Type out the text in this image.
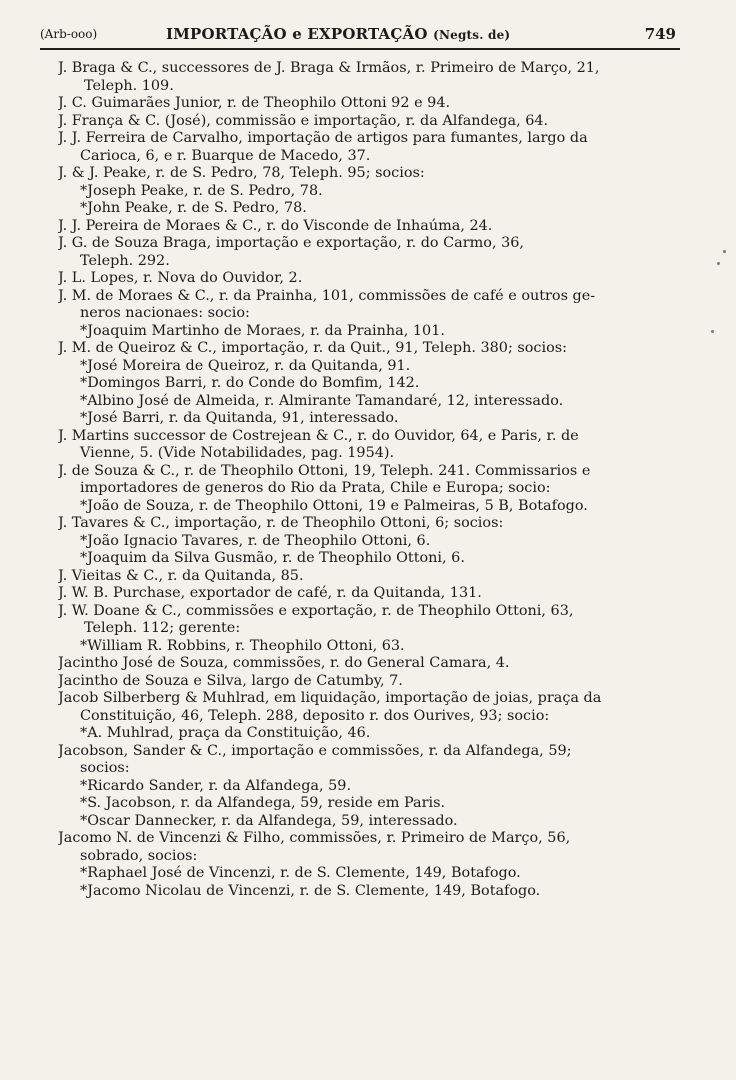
(Arb-ooo)	IMPORTAÇÃO e EXPORTAÇÃO (Negts. de)	749
J. Braga & C., successores de J. Braga & Irmãos, r. Primeiro de Março, 21,
Teleph. 109.
J. C. Guimarães Junior, r. de Theophilo Ottoni 92 e 94.
J. França & C. (José), commissão e importação, r. da Alfandega, 64.
J. J. Ferreira de Carvalho, importação de artigos para fumantes, largo da
Carioca, 6, e r. Buarque de Macedo, 37.
J. & J. Peake, r. de S. Pedro, 78, Teleph. 95; socios:
*Joseph Peake, r. de S. Pedro, 78.
*John Peake, r. de S. Pedro, 78.
J. J. Pereira de Moraes & C., r. do Visconde de Inhaúma, 24.
J. G. de Souza Braga, importação e exportação, r. do Carmo, 36,
Teleph. 292.
J. L. Lopes, r. Nova do Ouvidor, 2.
J. M. de Moraes & C., r. da Prainha, 101, commissões de café e outros ge-
neros nacionaes: socio:
*Joaquim Martinho de Moraes, r. da Prainha, 101.
J. M. de Queiroz & C., importação, r. da Quit., 91, Teleph. 380; socios:
*José Moreira de Queiroz, r. da Quitanda, 91.
*Domingos Barri, r. do Conde do Bomfim, 142.
*Albino José de Almeida, r. Almirante Tamandaré, 12, interessado.
*José Barri, r. da Quitanda, 91, interessado.
J. Martins successor de Costrejean & C., r. do Ouvidor, 64, e Paris, r. de
Vienne, 5. (Vide Notabilidades, pag. 1954).
J. de Souza & C., r. de Theophilo Ottoni, 19, Teleph. 241. Commissarios e
importadores de generos do Rio da Prata, Chile e Europa; socio:
*João de Souza, r. de Theophilo Ottoni, 19 e Palmeiras, 5 B, Botafogo.
J. Tavares & C., importação, r. de Theophilo Ottoni, 6; socios:
*João Ignacio Tavares, r. de Theophilo Ottoni, 6.
*Joaquim da Silva Gusmão, r. de Theophilo Ottoni, 6.
J. Vieitas & C., r. da Quitanda, 85.
J. W. B. Purchase, exportador de café, r. da Quitanda, 131.
J. W. Doane & C., commissões e exportação, r. de Theophilo Ottoni, 63,
Teleph. 112; gerente:
*William R. Robbins, r. Theophilo Ottoni, 63.
Jacintho José de Souza, commissões, r. do General Camara, 4.
Jacintho de Souza e Silva, largo de Catumby, 7.
Jacob Silberberg & Muhlrad, em liquidação, importação de joias, praça da
Constituição, 46, Teleph. 288, deposito r. dos Ourives, 93; socio:
*A. Muhlrad, praça da Constituição, 46.
Jacobson, Sander & C., importação e commissões, r. da Alfandega, 59;
socios:
*Ricardo Sander, r. da Alfandega, 59.
*S. Jacobson, r. da Alfandega, 59, reside em Paris.
*Oscar Dannecker, r. da Alfandega, 59, interessado.
Jacomo N. de Vincenzi & Filho, commissões, r. Primeiro de Março, 56,
sobrado, socios:
*Raphael José de Vincenzi, r. de S. Clemente, 149, Botafogo.
*Jacomo Nicolau de Vincenzi, r. de S. Clemente, 149, Botafogo.
